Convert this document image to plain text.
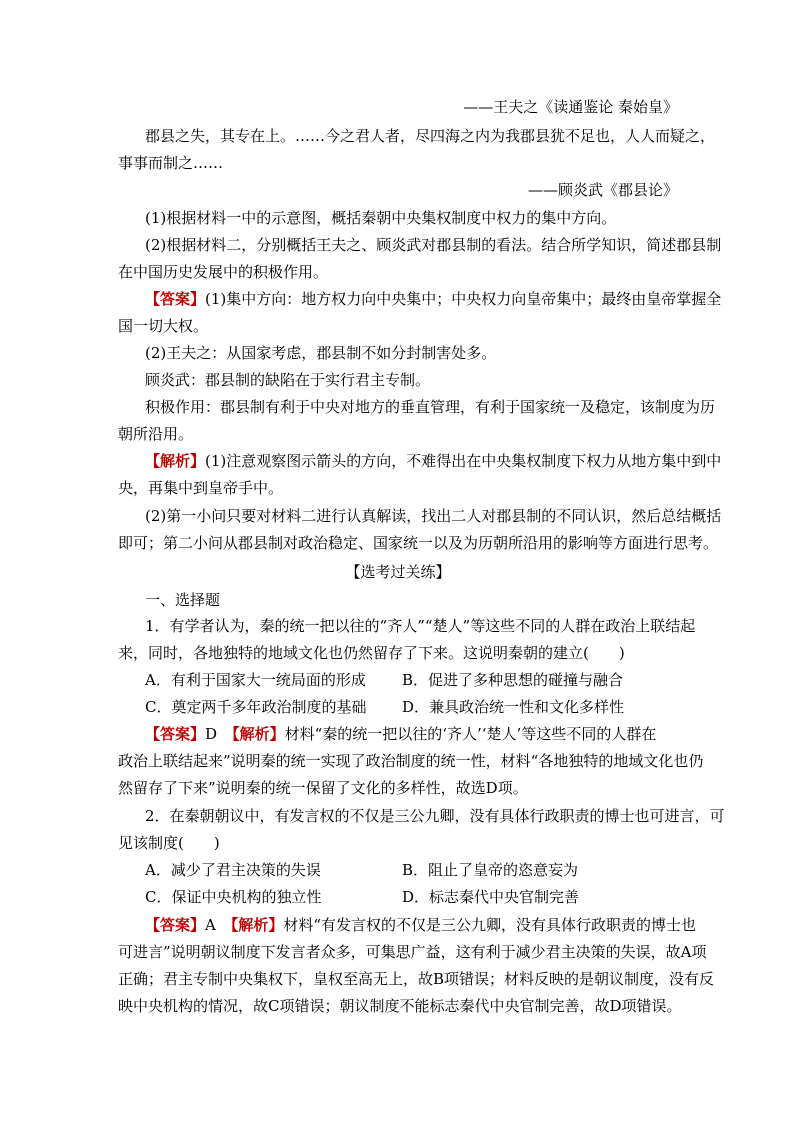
——王夫之《读通鉴论 秦始皇》
郡县之失，其专在上。……今之君人者，尽四海之内为我郡县犹不足也，人人而疑之，
事事而制之……
——顾炎武《郡县论》
(1)根据材料一中的示意图，概括秦朝中央集权制度中权力的集中方向。
(2)根据材料二，分别概括王夫之、顾炎武对郡县制的看法。结合所学知识，简述郡县制
在中国历史发展中的积极作用。
【答案】(1)集中方向：地方权力向中央集中；中央权力向皇帝集中；最终由皇帝掌握全
国一切大权。
(2)王夫之：从国家考虑，郡县制不如分封制害处多。
顾炎武：郡县制的缺陷在于实行君主专制。
积极作用：郡县制有利于中央对地方的垂直管理，有利于国家统一及稳定，该制度为历
朝所沿用。
【解析】(1)注意观察图示箭头的方向，不难得出在中央集权制度下权力从地方集中到中
央，再集中到皇帝手中。
(2)第一小问只要对材料二进行认真解读，找出二人对郡县制的不同认识，然后总结概括
即可；第二小问从郡县制对政治稳定、国家统一以及为历朝所沿用的影响等方面进行思考。
【选考过关练】
一、选择题
1．有学者认为，秦的统一把以往的“齐人”“楚人”等这些不同的人群在政治上联结起
来，同时，各地独特的地域文化也仍然留存了下来。这说明秦朝的建立(　　)
A．有利于国家大一统局面的形成 B．促进了多种思想的碰撞与融合
C．奠定两千多年政治制度的基础 D．兼具政治统一性和文化多样性
【答案】D　 【解析】材料“秦的统一把以往的‘齐人’‘楚人’等这些不同的人群在
政治上联结起来”说明秦的统一实现了政治制度的统一性，材料“各地独特的地域文化也仍
然留存了下来”说明秦的统一保留了文化的多样性，故选D项。
2．在秦朝朝议中，有发言权的不仅是三公九卿，没有具体行政职责的博士也可进言，可
见该制度(　　)
A．减少了君主决策的失误	B．阻止了皇帝的恣意妄为
C．保证中央机构的独立性	D．标志秦代中央官制完善
【答案】A　 【解析】材料“有发言权的不仅是三公九卿，没有具体行政职责的博士也
可进言”说明朝议制度下发言者众多，可集思广益，这有利于减少君主决策的失误，故A项
正确；君主专制中央集权下，皇权至高无上，故B项错误；材料反映的是朝议制度，没有反
映中央机构的情况，故C项错误；朝议制度不能标志秦代中央官制完善，故D项错误。
